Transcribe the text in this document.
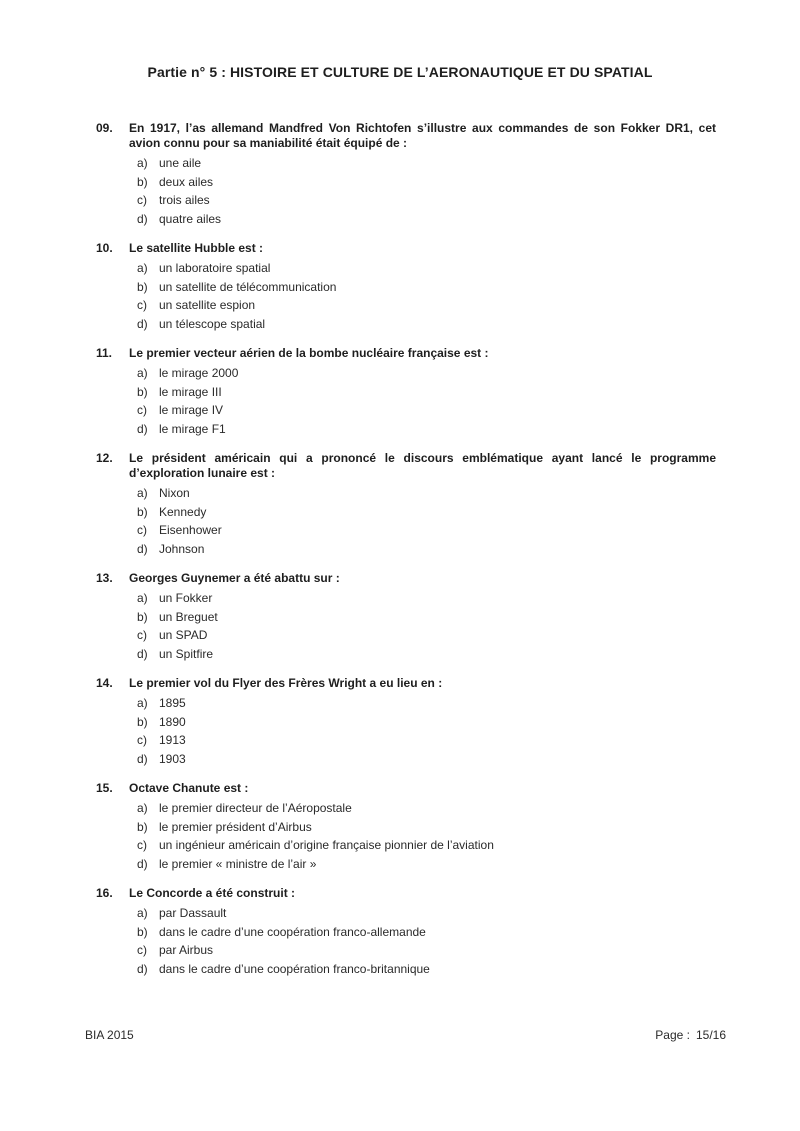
Partie n° 5 : HISTOIRE ET CULTURE DE L’AERONAUTIQUE ET DU SPATIAL
09.	En 1917, l’as allemand Mandfred Von Richtofen s’illustre aux commandes de son Fokker DR1, cet avion connu pour sa maniabilité était équipé de :
a) une aile
b) deux ailes
c)	trois ailes
d) quatre ailes
10.	Le satellite Hubble est :
a) un laboratoire spatial
b) un satellite de télécommunication
c)	un satellite espion
d) un télescope spatial
11.	Le premier vecteur aérien de la bombe nucléaire française est :
a) le mirage 2000
b) le mirage III
c)	le mirage IV
d) le mirage F1
12.	Le président américain qui a prononcé le discours emblématique ayant lancé le programme d’exploration lunaire est :
a) Nixon
b) Kennedy
c)	Eisenhower
d) Johnson
13.	Georges Guynemer a été abattu sur :
a) un Fokker
b) un Breguet
c)	un SPAD
d) un Spitfire
14.	Le premier vol du Flyer des Frères Wright a eu lieu en :
a) 1895
b) 1890
c)	1913
d) 1903
15.	Octave Chanute est :
a) le premier directeur de l’Aéropostale
b) le premier président d’Airbus
c)	un ingénieur américain d’origine française pionnier de l’aviation
d) le premier « ministre de l’air »
16.	Le Concorde a été construit :
a) par Dassault
b) dans le cadre d’une coopération franco-allemande
c)	par Airbus
d) dans le cadre d’une coopération franco-britannique

BIA 2015	Page : 15/16
